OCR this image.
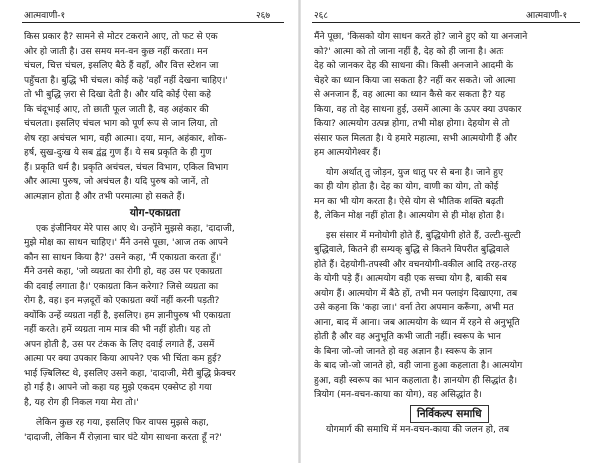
आत्मवाणी-१	२६७
किस प्रकार है? सामने से मोटर टकराने आए, तो फट से एक
ओर हो जाती है। उस समय मन-वन कुछ नहीं करता। मन
चंचल, चित्त चंचल, इसलिए बैठे हैं वहाँ, और वित्त स्टेशन जा
पहुँचता है। बुद्धि भी चंचल। कोई कहे 'वहाँ नहीं देखना चाहिए।'
तो भी बुद्धि ज़रा से दिखा देती है। और यदि कोई ऐसा कहे
कि चंदूभाई आए, तो छाती फूल जाती है, वह अहंकार की
चंचलता। इसलिए चंचल भाग को पूर्ण रूप से जान लिया, तो
शेष रहा अचंचल भाग, वही आत्मा। दया, मान, अहंकार, शोक-
हर्ष, सुख-दुःख ये सब द्वंद्व गुण हैं। ये सब प्रकृति के ही गुण
हैं। प्रकृति धर्म है। प्रकृति अचंचल, चंचल विभाग, एकिल विभाग
और आत्मा पुरुष, जो अचंचल है। यदि पुरुष को जानें, तो
आत्मज्ञान होता है और तभी परमात्मा हो सकते हैं।
योग-एकाग्रता
एक इंजीनियर मेरे पास आए थे। उन्होंने मुझसे कहा, 'दादाजी,
मुझे मोक्ष का साधन चाहिए।' मैंने उनसे पूछा, 'आज तक आपने
कौन सा साधन किया है?' उसने कहा, 'मैं एकाग्रता करता हूँ।'
मैंने उनसे कहा, 'जो व्यग्रता का रोगी हो, वह उस पर एकाग्रता
की दवाई लगाता है।' एकाग्रता किन करेगा? जिसे व्यग्रता का
रोग है, वह। इन मज़दूरों को एकाग्रता क्यों नहीं करनी पड़ती?
क्योंकि उन्हें व्यग्रता नहीं है, इसलिए। हम ज्ञानीपुरुष भी एकाग्रता
नहीं करते। हमें व्यग्रता नाम मात्र की भी नहीं होती। यह तो
अपन होती है, उस पर टंकक के लिए दवाई लगाते हैं, उसमें
आत्मा पर क्या उपकार किया आपने? एक भी चिंता कम हुई?
भाई ज़्बिलिस्ट थे, इसलिए उसने कहा, 'दादाजी, मेरी बुद्धि फ्रेक्चर
हो गई है। आपने जो कहा यह मुझे एकदम एक्सेप्ट हो गया
है, यह रोग ही निकल गया मेरा तो।'
लेकिन कुछ रह गया, इसलिए फिर वापस मुझसे कहा,
'दादाजी, लेकिन मैं रोज़ाना चार घंटे योग साधना करता हूँ न?'
२६८	आत्मवाणी-१
मैंने पूछा, 'किसको योग साधन करते हो? जाने हुए को या अनजाने
को?' आत्मा को तो जाना नहीं है, देह को ही जाना है। अतः
देह को जानकर देह की साधना की। किसी अनजाने आदमी के
चेहरे का ध्यान किया जा सकता है? नहीं कर सकते। जो आत्मा
से अनजान हैं, वह आत्मा का ध्यान कैसे कर सकता है? यह
किया, वह तो देह साधना हुई, उसमें आत्मा के ऊपर क्या उपकार
किया? आत्मयोग उत्पन्न होगा, तभी मोक्ष होगा। देहयोग से तो
संसार फल मिलता है। ये हमारे महात्मा, सभी आत्मयोगी हैं और
हम आत्मयोगेश्वर हैं।
योग अर्थात् तु जोड़न, युज धातु पर से बना है। जाने हुए
का ही योग होता है। देह का योग, वाणी का योग, तो कोई
मन का भी योग करता है। ऐसे योग से भौतिक शक्ति बढ़ती
है, लेकिन मोक्ष नहीं होता है। आत्मयोग से ही मोक्ष होता है।
इस संसार में मनोयोगी होते हैं, बुद्धियोगी होते हैं, उल्टी-सुल्टी
बुद्धिवाले, कितने ही सम्यक् बुद्धि से कितने विपरीत बुद्धिवाले
होते हैं। देहयोगी-तपस्वी और वचनयोगी-वकील आदि तरह-तरह
के योगी पड़े हैं। आत्मयोग वही एक सच्चा योग है, बाकी सब
अयोग हैं। आत्मयोग में बैठे हों, तभी मन फ्लाइंग दिखाएगा, तब
उसे कहना कि 'कहा जा।' वर्ना तेरा अपमान करूँगा, अभी मत
आना, बाद में आना। जब आत्मयोग के ध्यान में रहने से अनुभूति
होती है और वह अनुभूति कभी जाती नहीं। स्वरूप के भान
के बिना जो-जो जानते हो वह अज्ञान है। स्वरूप के ज्ञान
के बाद जो-जो जानते हो, वही जाना हुआ कहलाता है। आत्मयोग
हुआ, वही स्वरूप का भान कहलाता है। ज्ञानयोग ही सिद्धांत है।
त्रियोग (मन-वचन-काया का योग), वह असिद्धांत है।
निर्विकल्प समाधि
योगमार्ग की समाधि में मन-वचन-काया की जलन हो, तब
